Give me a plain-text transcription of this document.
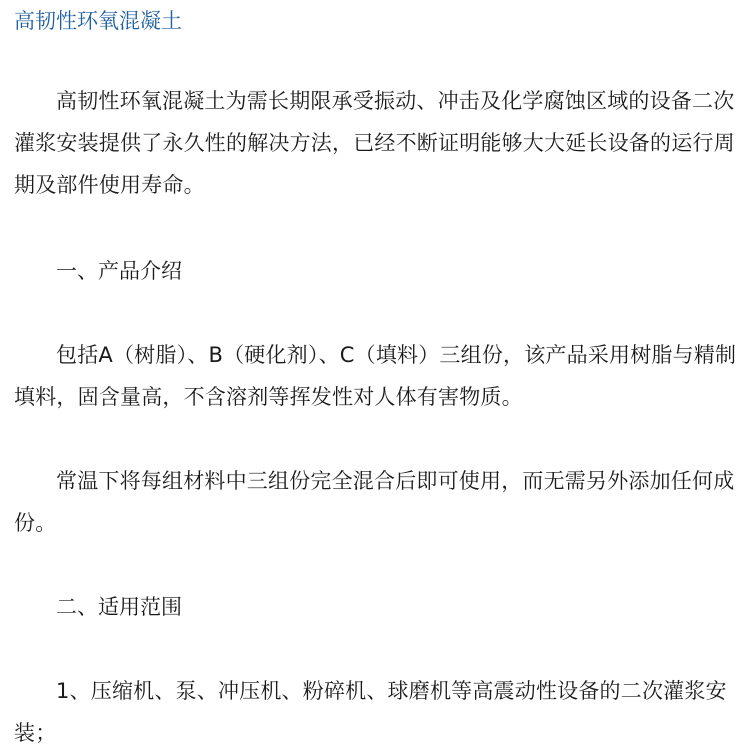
高韧性环氧混凝土

高韧性环氧混凝土为需长期限承受振动、冲击及化学腐蚀区域的设备二次灌浆安装提供了永久性的解决方法，已经不断证明能够大大延长设备的运行周期及部件使用寿命。

一、产品介绍

包括A（树脂）、B（硬化剂）、C（填料）三组份，该产品采用树脂与精制填料，固含量高，不含溶剂等挥发性对人体有害物质。

常温下将每组材料中三组份完全混合后即可使用，而无需另外添加任何成份。

二、适用范围

1、压缩机、泵、冲压机、粉碎机、球磨机等高震动性设备的二次灌浆安装；
